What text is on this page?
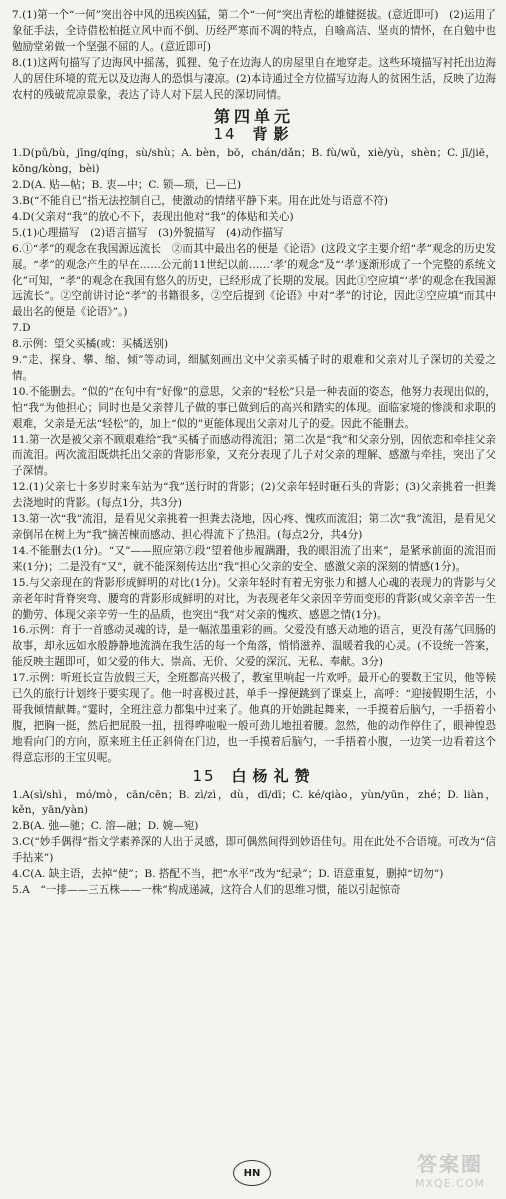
7.(1)第一个“一何”突出谷中风的迅疾凶猛，第二个“一何”突出青松的雄健挺拔。(意近即可)　(2)运用了象征手法，全诗借松柏挺立风中而不倒、历经严寒而不凋的特点，自喻高洁、坚贞的情怀，在自勉中也勉励堂弟做一个坚强不屈的人。(意近即可)

8.(1)这两句描写了边海风中摇荡，狐狸、兔子在边海人的房屋里自在地穿走。这些环境描写衬托出边海人的居住环境的荒无以及边海人的恐惧与凄凉。(2)本诗通过全方位描写边海人的贫困生活，反映了边海农村的残破荒凉景象，表达了诗人对下层人民的深切同情。

第四单元
14 背影

1.D(pǔ/bù，jīng/qíng，sù/shù；A. bèn，bō，chán/dǎn；B. fù/wǔ，xiè/yù，shèn；C. jī/jiē，kōng/kòng，bèi)

2.D(A. 贴—帖；B. 衷—中；C. 锁—琐，已—已)

3.B(“不能自已”指无法控制自己，使激动的情绪平静下来。用在此处与语意不符)

4.D(父亲对“我”的放心不下，表现出他对“我”的体贴和关心)

5.(1)心理描写　(2)语言描写　(3)外貌描写　(4)动作描写

6.①“孝”的观念在我国源远流长　②而其中最出名的便是《论语》(这段文字主要介绍“孝”观念的历史发展。“孝”的观念产生的早在……公元前11世纪以前……‘孝’的观念”及“‘孝’逐渐形成了一个完整的系统文化”可知，“孝”的观念在我国有悠久的历史，已经形成了长期的发展。因此①空应填“‘孝’的观念在我国源远流长”。②空前讲讨论“孝”的书籍很多，②空后提到《论语》中对“孝”的讨论，因此②空应填“而其中最出名的便是《论语》”。)

7.D

8.示例：望父买橘(或：买橘送别)

9.“走、探身、攀、缩、倾”等动词，细腻刻画出文中父亲买橘子时的艰难和父亲对儿子深切的关爱之情。

10.不能删去。“似的”在句中有“好像”的意思，父亲的“轻松”只是一种表面的姿态，他努力表现出似的，怕“我”为他担心；同时也是父亲替儿子做的事已做到后的高兴和踏实的体现。面临家境的惨淡和求职的艰难，父亲是无法“轻松”的，加上“似的”更能体现出父亲对儿子的爱。因此不能删去。

11.第一次是被父亲不顾艰难给“我”买橘子而感动得流泪；第二次是“我”和父亲分别，因依恋和牵挂父亲而流泪。两次流泪既烘托出父亲的背影形象，又充分表现了儿子对父亲的理解、感激与牵挂，突出了父子深情。

12.(1)父亲七十多岁时来车站为“我”送行时的背影；(2)父亲年轻时砸石头的背影；(3)父亲挑着一担粪去浇地时的背影。(每点1分，共3分)

13.第一次“我”流泪，是看见父亲挑着一担粪去浇地，因心疼、愧疚而流泪；第二次“我”流泪，是看见父亲倒吊在树上为“我”摘苦楝而感动、担心得流下了热泪。(每点2分，共4分)

14.不能删去(1分)。“又”——照应第⑦段“望着他步履蹒跚，我的眼泪流了出来”，是紧承前面的流泪而来(1分)；二是没有“又”，就不能深刻传达出“我”担心父亲的安全、感激父亲的深刻的情感(1分)。

15.与父亲现在的背影形成鲜明的对比(1分)。父亲年轻时有着无穷张力和撼人心魂的表现力的背影与父亲老年时背脊突弯、腰弯的背影形成鲜明的对比，为表现老年父亲因辛劳而变形的背影(或父亲辛苦一生的勤劳、体现父亲辛劳一生的品质，也突出“我”对父亲的愧疚、感恩之情(1分)。

16.示例：育于一首感动灵魂的诗，是一幅浓墨重彩的画。父爱没有感天动地的语言，更没有荡气回肠的故事，却永远如水般静静地流淌在我生活的每一个角落，悄悄滋养、温暖着我的心灵。(不设统一答案，能反映主题即可，如父爱的伟大、崇高、无价、父爱的深沉、无私、奉献。3分)

17.示例：听班长宣告放假三天，全班都高兴极了，教室里响起一片欢呼。最开心的要数王宝贝，他等候已久的旅行计划终于要实现了。他一时喜极过甚，单手一撑便跳到了课桌上，高呼：“迎接假期生活，小哥我倾情献舞。”霎时，全班注意力都集中过来了。他真的开始跳起舞来，一手摸着后脑勺，一手捂着小腹，把胸一挺，然后把屁股一扭，扭得哗啦啦一般可劲儿地扭着腰。忽然，他的动作停住了，眼神惶恐地看向门的方向，原来班主任正斜倚在门边，也一手摸着后脑勺，一手捂着小腹，一边笑一边看着这个得意忘形的王宝贝呢。

15 白杨礼赞

1.A(sì/shì，mó/mò，cān/cēn；B. zì/zì，dù，dī/dī；C. ké/qiào，yùn/yūn，zhé；D. liàn，kěn，yān/yàn)

2.B(A. 弛—驰；C. 溶—融；D. 婉—宛)

3.C(“妙手偶得”指文学素养深的人出于灵感，即可偶然间得到妙语佳句。用在此处不合语境。可改为“信手拈来”)

4.C(A. 缺主语，去掉“使”；B. 搭配不当，把“水平”改为“纪录”；D. 语意重复，删掉“切勿”)

5.A　“一排——三五株——一株”构成递减，这符合人们的思维习惯，能以引起惊奇

HN	答案圈
MXQE.COM
